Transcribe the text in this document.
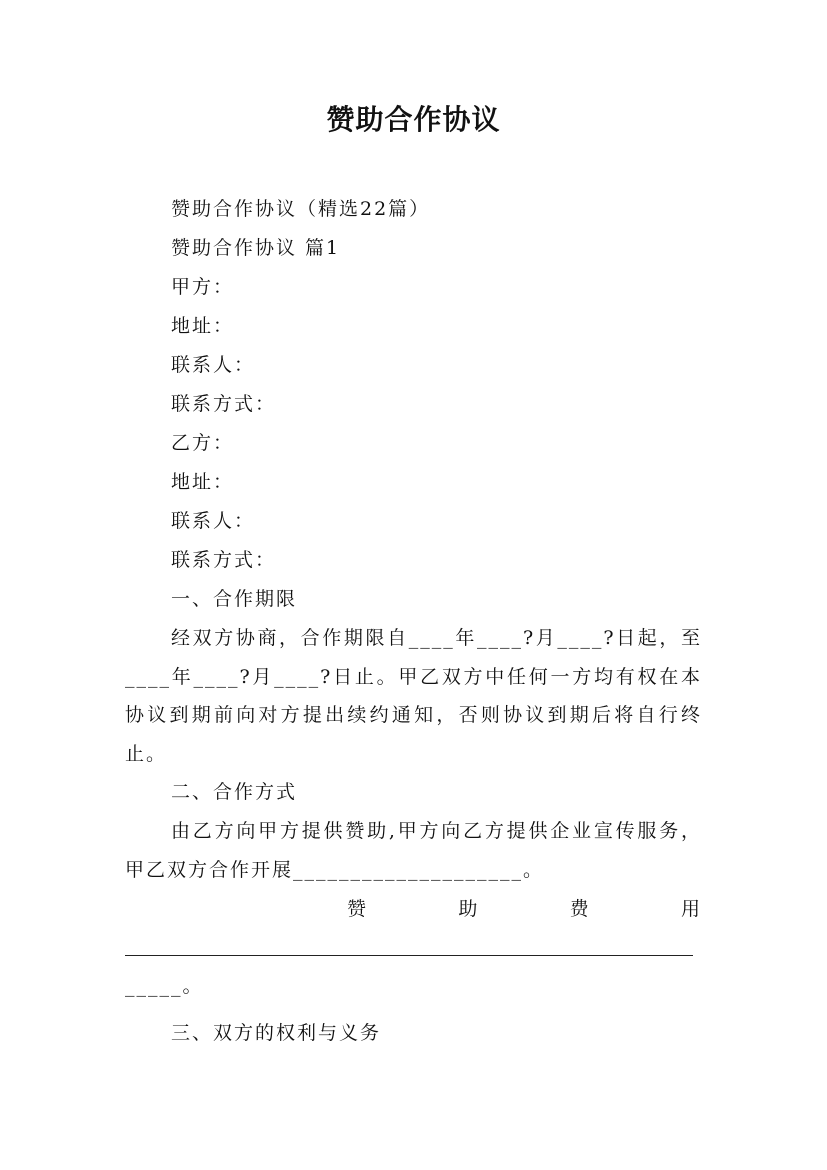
赞助合作协议

赞助合作协议（精选22篇）

赞助合作协议 篇1

甲方：

地址：

联系人：

联系方式：

乙方：

地址：

联系人：

联系方式：

一、合作期限

经双方协商，合作期限自____年____?月____?日起，至____年____?月____?日止。甲乙双方中任何一方均有权在本协议到期前向对方提出续约通知，否则协议到期后将自行终止。

二、合作方式

由乙方向甲方提供赞助,甲方向乙方提供企业宣传服务，甲乙双方合作开展____________________。

赞	助	费	用

_____。

三、双方的权利与义务
